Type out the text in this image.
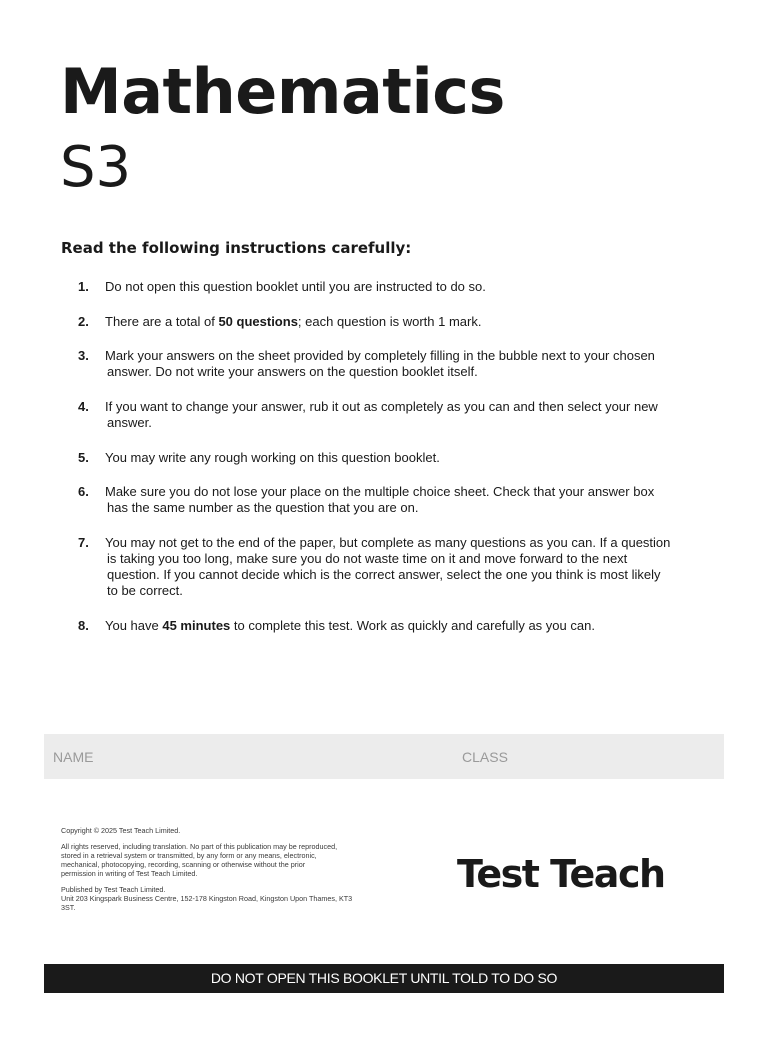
Mathematics
S3
Read the following instructions carefully:
1.	Do not open this question booklet until you are instructed to do so.
2.	There are a total of 50 questions; each question is worth 1 mark.
3.	Mark your answers on the sheet provided by completely filling in the bubble next to your chosen
answer. Do not write your answers on the question booklet itself.
4.	If you want to change your answer, rub it out as completely as you can and then select your new
answer.
5.	You may write any rough working on this question booklet.
6.	Make sure you do not lose your place on the multiple choice sheet. Check that your answer box
has the same number as the question that you are on.
7.	You may not get to the end of the paper, but complete as many questions as you can. If a question
is taking you too long, make sure you do not waste time on it and move forward to the next
question. If you cannot decide which is the correct answer, select the one you think is most likely
to be correct.
8.	You have 45 minutes to complete this test. Work as quickly and carefully as you can.
NAME	CLASS

Copyright © 2025 Test Teach Limited.

All rights reserved, including translation. No part of this publication may be reproduced,
stored in a retrieval system or transmitted, by any form or any means, electronic,
mechanical, photocopying, recording, scanning or otherwise without the prior
permission in writing of Test Teach Limited.

Published by Test Teach Limited.
Unit 203 Kingspark Business Centre, 152-178 Kingston Road, Kingston Upon Thames, KT3
3ST.

Test Teach
DO NOT OPEN THIS BOOKLET UNTIL TOLD TO DO SO
